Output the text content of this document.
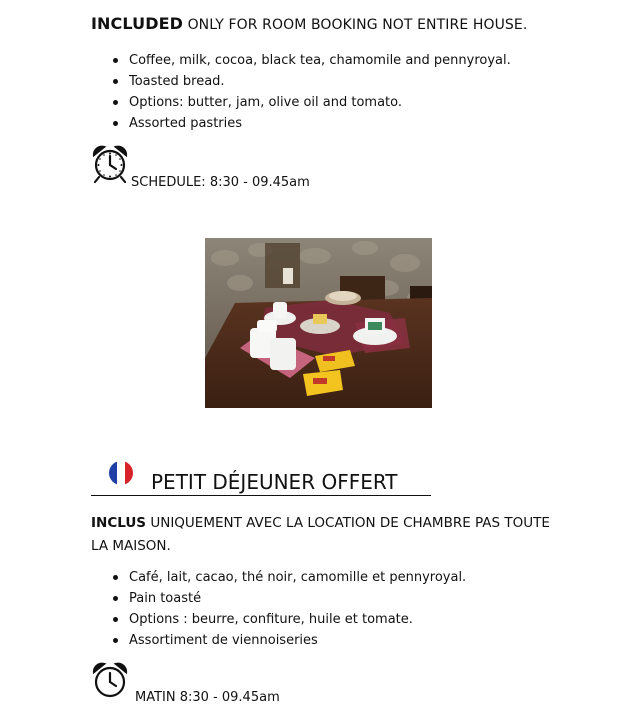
INCLUDED ONLY FOR ROOM BOOKING NOT ENTIRE HOUSE.
Coffee, milk, cocoa, black tea, chamomile and pennyroyal.
Toasted bread.
Options: butter, jam, olive oil and tomato.
Assorted pastries
SCHEDULE: 8:30 - 09.45am
PETIT DÉJEUNER OFFERT
INCLUS UNIQUEMENT AVEC LA LOCATION DE CHAMBRE PAS TOUTE LA MAISON.
Café, lait, cacao, thé noir, camomille et pennyroyal.
Pain toasté
Options : beurre, confiture, huile et tomate.
Assortiment de viennoiseries
MATIN 8:30 - 09.45am
